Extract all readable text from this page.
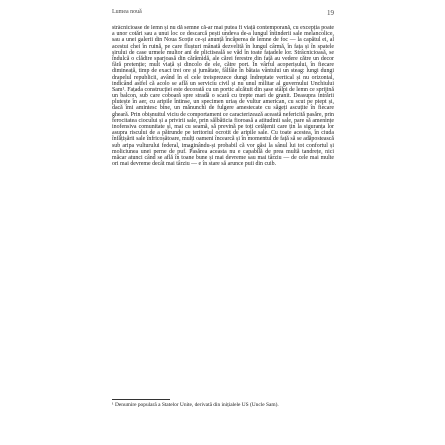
Lumea nouă	19

strâcnicioase de lemn și nu dă semne că-ar mai putea fi viață contemporană, cu excepția poate a unor cotări sau a unui loc ce descarcă pești undeva de-a lungul întinderii sale melancolice, sau a unei galerii din Noua Scoție ce-și anunță încăperea de lemne de foc — la capătul ei, al acestui chei în ruină, pe care flușturi mânată dezvelită în lungul cârmă, în fața și în spatele șirului de case urmele multor ani de plictiseală se văd în toate fațadele lor. Strâcnicioasă, se îndulcă o clădire sparjoasă din cărămidă, ale cărei ferestre din față au vedere către un decor fără pretenție; mult viață și dincolo de ele, către port. În vârful acoperișului, în fiecare dimineață, timp de exact trei ore și jumătate, fâlfâie în bătaia vântului un steag: lungi dungi drapelul republicii, având în el cele treisprezece dungi îndreptate vertical și nu orizontal, indicând astfel că acolo se află un serviciu civil și nu unul militar al guvernului Unchiului Sam¹. Fațada construcției este decorată cu un portic alcătuit din șase stâlpi de lemn ce sprijină un balcon, sub care coboară spre stradă o scară cu trepte mari de granit. Deasupra intrării plutește în aer, cu aripile întinse, un specimen uriaș de vultur american, cu scut pe piept și, dacă îmi amintesc bine, un mănunchi de fulgere amestecate cu săgeți ascuțite în fiecare gheară. Prin obișnuitul viciu de comportament ce caracterizează această nefericită pasăre, prin ferocitatea ciocului și a privirii sale, prin sălbăticia fioroasă a atitudinii sale, pare să amenințe inofensiva comunitate și, mai cu seamă, să prevină pe toți cetățenii care țin la siguranța lor asupra riscului de a pătrunde pe teritoriul ocrotit de aripile sale. Cu toate acestea, în ciuda înfățișării sale înfricoșătoare, mulți oameni încearcă și în momentul de față să se adăpostească sub aripa vulturului federal, imaginându-și probabil că vor găsi la sânul lui tot confortul și moliciunea unei perne de puf. Pasărea aceasta nu e capabilă de prea multă tandrețe, nici măcar atunci când se află în toane bune și mai devreme sau mai târziu — de cele mai multe ori mai devreme decât mai târziu — e în stare să arunce puii din cuib.

¹ Denumire populară a Statelor Unite, derivată din inițialele US (Uncle Sam).
